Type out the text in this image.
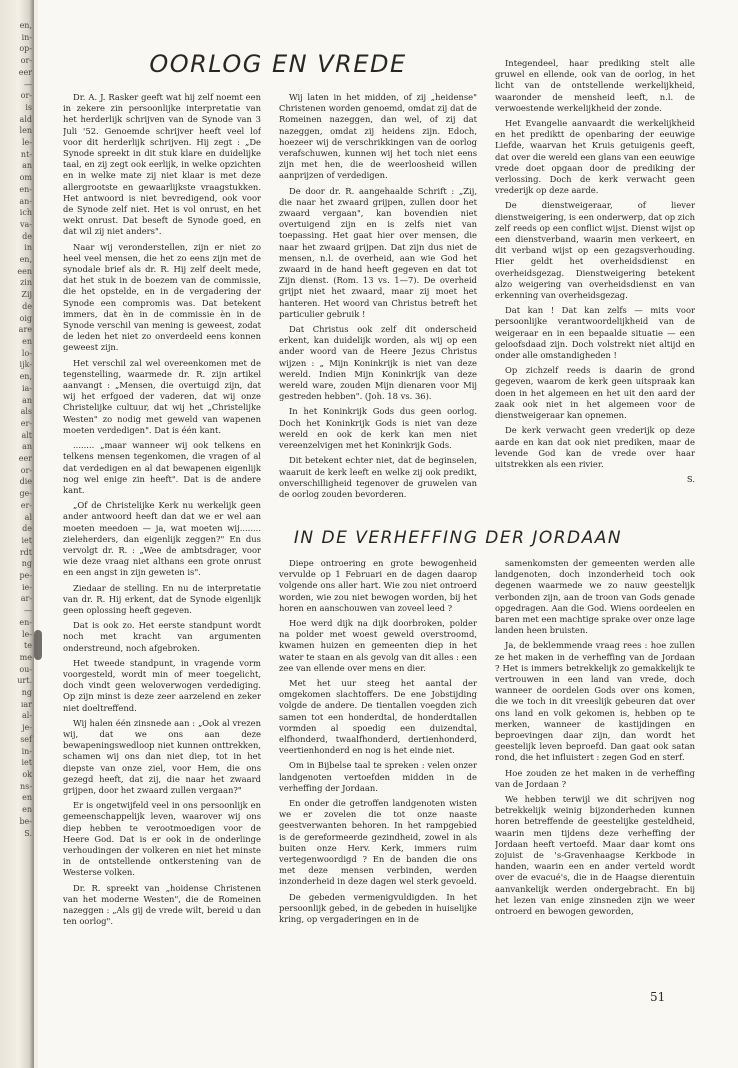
en,
in-
op-
or-
eer
—
or-
is
ald
len
le-
nt-
an
om
en-
an-
ich
va-
de
in
en,
een
zin
Zij
de
oig
are
en
lo-
ijk-
en,
ia-
an
als
er-
alt
an
eer
or-
die
ge-
er-
al
de
iet
rdt
ng
pe-
ie-
ar-
—
en-
le-
te
me
ou-
urt.
ng
ıar
al-
je-
sef
in-
iet
ok
ns-
en
en
be-
S.
OORLOG EN VREDE

Dr. A. J. Rasker geeft wat hij zelf noemt een in zekere zin persoonlijke interpretatie van het herderlijk schrijven van de Synode van 3 Juli '52. Genoemde schrijver heeft veel lof voor dit herderlijk schrijven. Hij zegt : „De Synode spreekt in dit stuk klare en duidelijke taal, en zij zegt ook eerlijk, in welke opzichten en in welke mate zij niet klaar is met deze allergrootste en gewaarlijkste vraagstukken. Het antwoord is niet bevredigend, ook voor de Synode zelf niet. Het is vol onrust, en het wekt onrust. Dat beseft de Synode goed, en dat wil zij niet anders".

Naar wij veronderstellen, zijn er niet zo heel veel mensen, die het zo eens zijn met de synodale brief als dr. R. Hij zelf deelt mede, dat het stuk in de boezem van de commissie, die het opstelde, en in de vergadering der Synode een compromis was. Dat betekent immers, dat èn in de commissie èn in de Synode verschil van mening is geweest, zodat de leden het niet zo onverdeeld eens konnen geweest zijn.

Het verschil zal wel overeenkomen met de tegenstelling, waarmede dr. R. zijn artikel aanvangt : „Mensen, die overtuigd zijn, dat wij het erfgoed der vaderen, dat wij onze Christelijke cultuur, dat wij het „Christelijke Westen" zo nodig met geweld van wapenen moeten verdedigen". Dat is één kant.

........ „maar wanneer wij ook telkens en telkens mensen tegenkomen, die vragen of al dat verdedigen en al dat bewapenen eigenlijk nog wel enige zin heeft". Dat is de andere kant.

„Of de Christelijke Kerk nu werkelijk geen ander antwoord heeft dan dat we er wel aan moeten meedoen — ja, wat moeten wij........ zieleherders, dan eigenlijk zeggen?" En dus vervolgt dr. R. : „Wee de ambtsdrager, voor wie deze vraag niet althans een grote onrust en een angst in zijn geweten is".

Ziedaar de stelling. En nu de interpretatie van dr. R. Hij erkent, dat de Synode eigenlijk geen oplossing heeft gegeven.

Dat is ook zo. Het eerste standpunt wordt noch met kracht van argumenten onderstreund, noch afgebroken.

Het tweede standpunt, in vragende vorm voorgesteld, wordt min of meer toegelicht, doch vindt geen weloverwogen verdediging. Op zijn minst is deze zeer aarzelend en zeker niet doeltreffend.

Wij halen één zinsnede aan : „Ook al vrezen wij, dat we ons aan deze bewapeningswedloop niet kunnen onttrekken, schamen wij ons dan niet diep, tot in het diepste van onze ziel, voor Hem, die ons gezegd heeft, dat zij, die naar het zwaard grijpen, door het zwaard zullen vergaan?"

Er is ongetwijfeld veel in ons persoonlijk en gemeenschappelijk leven, waarover wij ons diep hebben te verootmoedigen voor de Heere God. Dat is er ook in de onderlinge verhoudingen der volkeren en niet het minste in de ontstellende ontkerstening van de Westerse volken.

Dr. R. spreekt van „hoidense Christenen van het moderne Westen", die de Romeinen nazeggen : „Als gij de vrede wilt, bereid u dan ten oorlog".

Wij laten in het midden, of zij „heidense" Christenen worden genoemd, omdat zij dat de Romeinen nazeggen, dan wel, of zij dat nazeggen, omdat zij heidens zijn. Edoch, hoezeer wij de verschrikkingen van de oorlog verafschuwen, kunnen wij het toch niet eens zijn met hen, die de weerloosheid willen aanprijzen of verdedigen.

De door dr. R. aangehaalde Schrift : „Zij, die naar het zwaard grijpen, zullen door het zwaard vergaan", kan bovendien niet overtuigend zijn en is zelfs niet van toepassing. Het gaat hier over mensen, die naar het zwaard grijpen. Dat zijn dus niet de mensen, n.l. de overheid, aan wie God het zwaard in de hand heeft gegeven en dat tot Zijn dienst. (Rom. 13 vs. 1—7). De overheid grijpt niet het zwaard, maar zij moet het hanteren. Het woord van Christus betreft het particulier gebruik !

Dat Christus ook zelf dit onderscheid erkent, kan duidelijk worden, als wij op een ander woord van de Heere Jezus Christus wijzen : „ Mijn Koninkrijk is niet van deze wereld. Indien Mijn Koninkrijk van deze wereld ware, zouden Mijn dienaren voor Mij gestreden hebben". (Joh. 18 vs. 36).

In het Koninkrijk Gods dus geen oorlog. Doch het Koninkrijk Gods is niet van deze wereld en ook de kerk kan men niet vereenzelvigen met het Koninkrijk Gods.

Dit betekent echter niet, dat de beginselen, waaruit de kerk leeft en welke zij ook predikt, onverschilligheid tegenover de gruwelen van de oorlog zouden bevorderen.

Integendeel, haar prediking stelt alle gruwel en ellende, ook van de oorlog, in het licht van de ontstellende werkelijkheid, waaronder de mensheid leeft, n.l. de verwoestende werkelijkheid der zonde.

Het Evangelie aanvaardt die werkelijkheid en het prediktt de openbaring der eeuwige Liefde, waarvan het Kruis getuigenis geeft, dat over die wereld een glans van een eeuwige vrede doet opgaan door de prediking der verlossing. Doch de kerk verwacht geen vrederijk op deze aarde.

De dienstweigeraar, of liever dienstweigering, is een onderwerp, dat op zich zelf reeds op een conflict wijst. Dienst wijst op een dienstverband, waarin men verkeert, en dit verband wijst op een gezagsverhouding. Hier geldt het overheidsdienst en overheidsgezag. Dienstweigering betekent alzo weigering van overheidsdienst en van erkenning van overheidsgezag.

Dat kan ! Dat kan zelfs — mits voor persoonlijke verantwoordelijkheid van de weigeraar en in een bepaalde situatie — een geloofsdaad zijn. Doch volstrekt niet altijd en onder alle omstandigheden !

Op zichzelf reeds is daarin de grond gegeven, waarom de kerk geen uitspraak kan doen in het algemeen en het uit den aard der zaak ook niet in het algemeen voor de dienstweigeraar kan opnemen.

De kerk verwacht geen vrederijk op deze aarde en kan dat ook niet prediken, maar de levende God kan de vrede over haar uitstrekken als een rivier.

S.

IN DE VERHEFFING DER JORDAAN

Diepe ontroering en grote bewogenheid vervulde op 1 Februari en de dagen daarop volgende ons aller hart. Wie zou niet ontroerd worden, wie zou niet bewogen worden, bij het horen en aanschouwen van zoveel leed ?

Hoe werd dijk na dijk doorbroken, polder na polder met woest geweld overstroomd, kwamen huizen en gemeenten diep in het water te staan en als gevolg van dit alles : een zee van ellende over mens en dier.

Met het uur steeg het aantal der omgekomen slachtoffers. De ene Jobstijding volgde de andere. De tientallen voegden zich samen tot een honderdtal, de honderdtallen vormden al spoedig een duizendtal, elfhonderd, twaalfhonderd, dertienhonderd, veertienhonderd en nog is het einde niet.

Om in Bijbelse taal te spreken : velen onzer landgenoten vertoefden midden in de verheffing der Jordaan.

En onder die getroffen landgenoten wisten we er zovelen die tot onze naaste geestverwanten behoren. In het rampgebied is de gereformeerde gezindheid, zowel in als buiten onze Herv. Kerk, immers ruim vertegenwoordigd ? En de banden die ons met deze mensen verbinden, werden inzonderheid in deze dagen wel sterk gevoeld.

De gebeden vermenigvuldigden. In het persoonlijk gebed, in de gebeden in huiselijke kring, op vergaderingen en in de

samenkomsten der gemeenten werden alle landgenoten, doch inzonderheid toch ook degenen waarmede we zo nauw geestelijk verbonden zijn, aan de troon van Gods genade opgedragen. Aan die God. Wiens oordeelen en baren met een machtige sprake over onze lage landen heen bruisten.

Ja, de beklemmende vraag rees : hoe zullen ze het maken in de verheffing van de Jordaan ? Het is immers betrekkelijk zo gemakkelijk te vertrouwen in een land van vrede, doch wanneer de oordelen Gods over ons komen, die we toch in dit vreeslijk gebeuren dat over ons land en volk gekomen is, hebben op te merken, wanneer de kastijdingen en beproevingen daar zijn, dan wordt het geestelijk leven beproefd. Dan gaat ook satan rond, die het influistert : zegen God en sterf.

Hoe zouden ze het maken in de verheffing van de Jordaan ?

We hebben terwijl we dit schrijven nog betrekkelijk weinig bijzonderheden kunnen horen betreffende de geestelijke gesteldheid, waarin men tijdens deze verheffing der Jordaan heeft vertoefd. Maar daar komt ons zojuist de 's-Gravenhaagse Kerkbode in handen, waarin een en ander verteld wordt over de evacué's, die in de Haagse dierentuin aanvankelijk werden ondergebracht. En bij het lezen van enige zinsneden zijn we weer ontroerd en bewogen geworden,

51
